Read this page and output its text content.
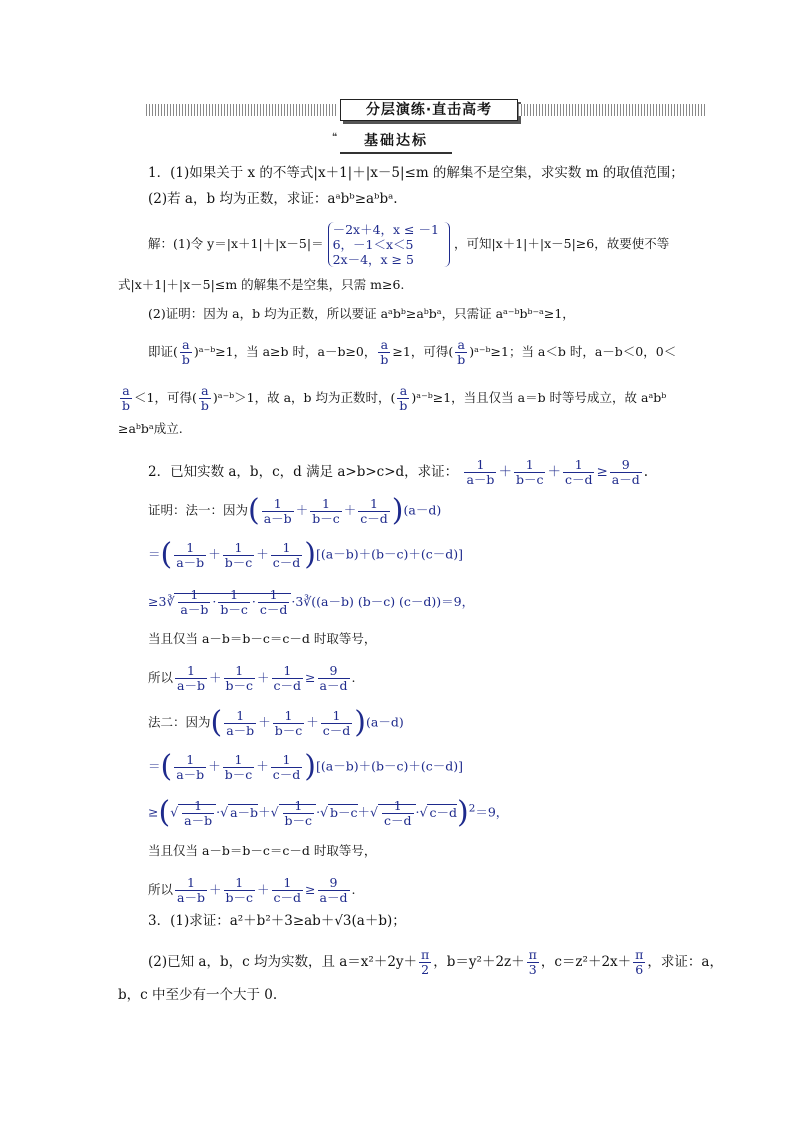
分层演练·直击高考
❝	基础达标
1．(1)如果关于 x 的不等式|x＋1|＋|x－5|≤m 的解集不是空集，求实数 m 的取值范围；
(2)若 a，b 均为正数，求证：aᵃbᵇ≥aᵇbᵃ.
解：(1)令 y＝|x＋1|＋|x－5|＝
－2x＋4，x ≤ －1
6，－1＜x＜5
2x－4，x ≥ 5
，可知|x＋1|＋|x－5|≥6，故要使不等
式|x＋1|＋|x－5|≤m 的解集不是空集，只需 m≥6.
(2)证明：因为 a，b 均为正数，所以要证 aᵃbᵇ≥aᵇbᵃ，只需证 aᵃ⁻ᵇbᵇ⁻ᵃ≥1，
即证( $\frac{a}{b}$ )ᵃ⁻ᵇ≥1，当 a≥b 时，a－b≥0， $\frac{a}{b} \ge 1$，可得( $\frac{a}{b}$ )ᵃ⁻ᵇ≥1；当 a＜b 时，a－b＜0，0＜
$\frac{a}{b} <1$，可得( $\frac{a}{b}$ )ᵃ⁻ᵇ＞1，故 a，b 均为正数时，( $\frac{a}{b}$ )ᵃ⁻ᵇ≥1，当且仅当 a＝b 时等号成立，故 aᵃbᵇ
≥aᵇbᵃ成立.
2．已知实数 a，b，c，d 满足 a>b>c>d，求证： $\frac{1}{a-b} + \frac{1}{b-c} + \frac{1}{c-d} \ge \frac{9}{a-d}$ .
证明：法一：因为( $\frac{1}{a-b} + \frac{1}{b-c} + \frac{1}{c-d} )(a-d)$
＝( $\frac{1}{a-b} + \frac{1}{b-c} + \frac{1}{c-d} )[(a-b)+(b-c)+(c-d)]$
≥3∛ $\frac{1}{a-b} \cdot \frac{1}{b-c} \cdot \frac{1}{c-d}$ ·3∛((a－b) (b－c) (c－d))＝9，
当且仅当 a－b＝b－c＝c－d 时取等号，
所以 $\frac{1}{a-b} + \frac{1}{b-c} + \frac{1}{c-d} \ge \frac{9}{a-d}$ .
法二：因为( $\frac{1}{a-b} + \frac{1}{b-c} + \frac{1}{c-d} )(a-d)$
＝( $\frac{1}{a-b} + \frac{1}{b-c} + \frac{1}{c-d} )[(a-b)+(b-c)+(c-d)]$
≥(√ $\frac{1}{a-b}$ ·√ $a-b+√ \frac{1}{b-c}$ ·√ $b-c+√ \frac{1}{c-d}$ ·√ c－d)$^2$＝9，
当且仅当 a－b＝b－c＝c－d 时取等号，
所以 $\frac{1}{a-b} + \frac{1}{b-c} + \frac{1}{c-d} \ge \frac{9}{a-d}$ .
3．(1)求证：a²＋b²＋3≥ab＋√3(a＋b)；
(2)已知 a，b，c 均为实数，且 $a=x^2+2y+ \frac{\pi}{2}$ ，$b=y^2+2z+ \frac{\pi}{3}$ ，$c=z^2+2x+ \frac{\pi}{6}$ ，求证：a，
b，c 中至少有一个大于 0.
